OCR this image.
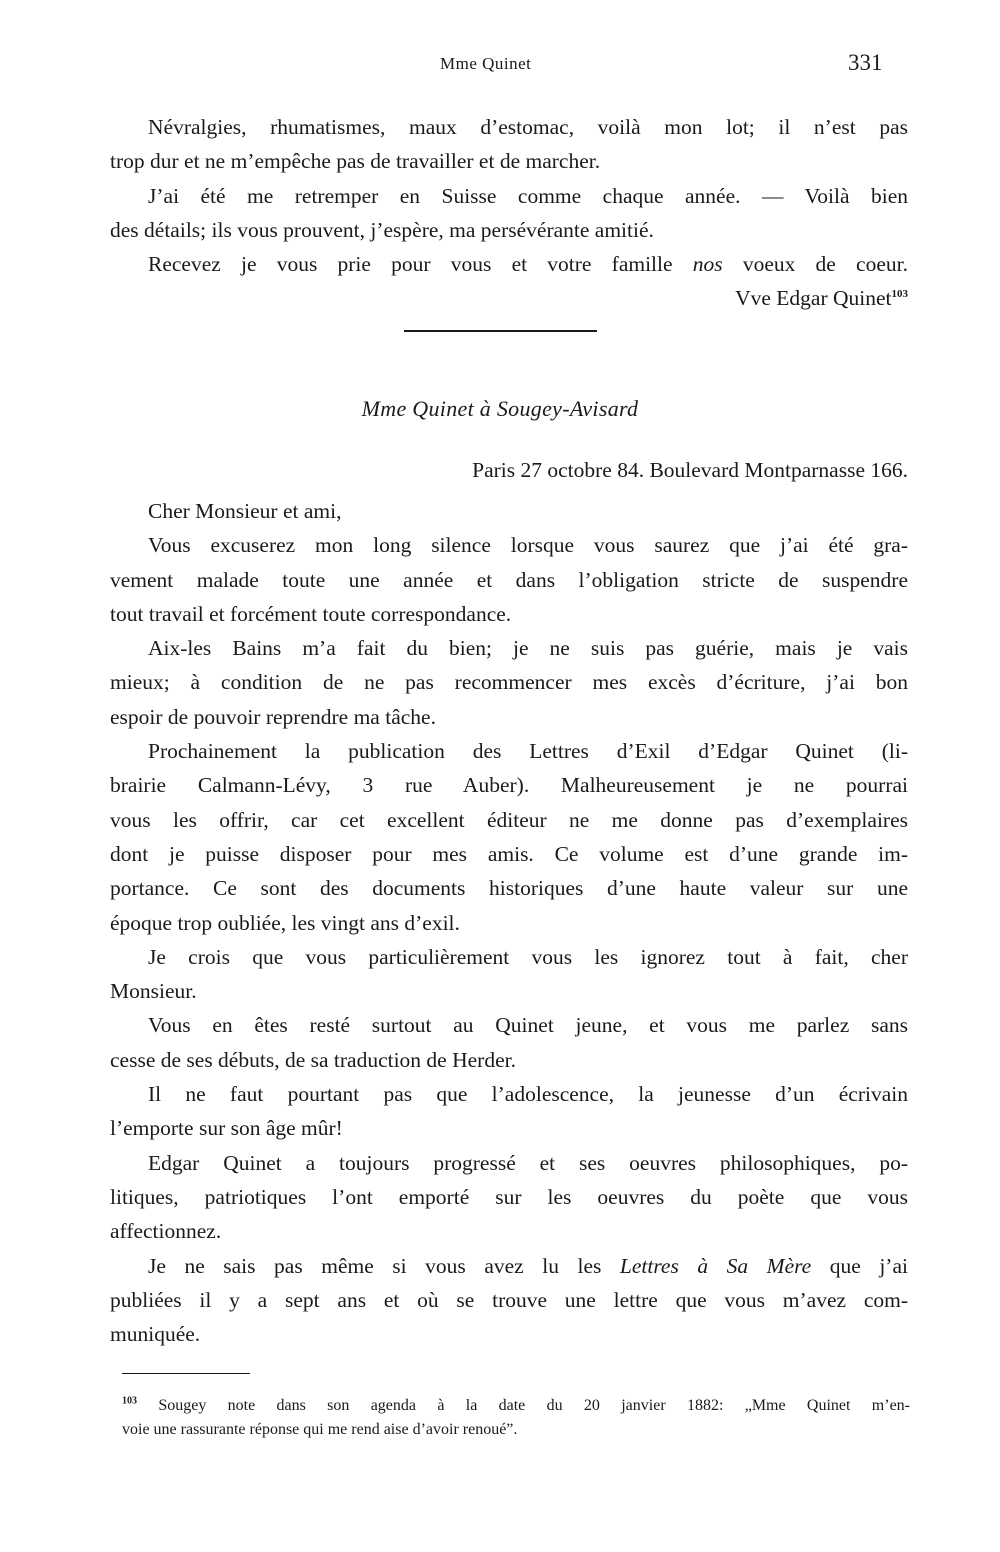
Mme Quinet	331
Névralgies, rhumatismes, maux d’estomac, voilà mon lot; il n’est pas
trop dur et ne m’empêche pas de travailler et de marcher.
J’ai été me retremper en Suisse comme chaque année. — Voilà bien
des détails; ils vous prouvent, j’espère, ma persévérante amitié.
Recevez je vous prie pour vous et votre famille nos voeux de coeur.
Vve Edgar Quinet$^{103}$
Mme Quinet à Sougey-Avisard
Paris 27 octobre 84. Boulevard Montparnasse 166.
Cher Monsieur et ami,
Vous excuserez mon long silence lorsque vous saurez que j’ai été gra-
vement malade toute une année et dans l’obligation stricte de suspendre
tout travail et forcément toute correspondance.
Aix-les Bains m’a fait du bien; je ne suis pas guérie, mais je vais
mieux; à condition de ne pas recommencer mes excès d’écriture, j’ai bon
espoir de pouvoir reprendre ma tâche.
Prochainement la publication des Lettres d’Exil d’Edgar Quinet (li-
brairie Calmann-Lévy, 3 rue Auber). Malheureusement je ne pourrai
vous les offrir, car cet excellent éditeur ne me donne pas d’exemplaires
dont je puisse disposer pour mes amis. Ce volume est d’une grande im-
portance. Ce sont des documents historiques d’une haute valeur sur une
époque trop oubliée, les vingt ans d’exil.
Je crois que vous particulièrement vous les ignorez tout à fait, cher
Monsieur.
Vous en êtes resté surtout au Quinet jeune, et vous me parlez sans
cesse de ses débuts, de sa traduction de Herder.
Il ne faut pourtant pas que l’adolescence, la jeunesse d’un écrivain
l’emporte sur son âge mûr!
Edgar Quinet a toujours progressé et ses oeuvres philosophiques, po-
litiques, patriotiques l’ont emporté sur les oeuvres du poète que vous
affectionnez.
Je ne sais pas même si vous avez lu les Lettres à Sa Mère que j’ai
publiées il y a sept ans et où se trouve une lettre que vous m’avez com-
muniquée.
$^{103}$ Sougey note dans son agenda à la date du 20 janvier 1882: „Mme Quinet m’en-
voie une rassurante réponse qui me rend aise d’avoir renoué”.
